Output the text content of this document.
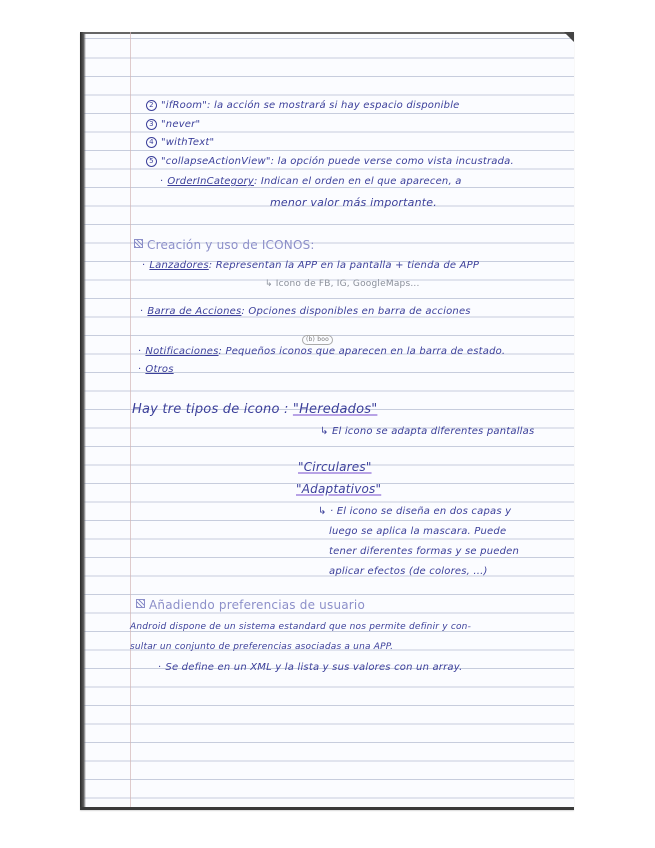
2 "ifRoom": la acción se mostrará si hay espacio disponible
3 "never"
4 "withText"
5 "collapseActionView": la opción puede verse como vista incustrada.
· OrderInCategory: Indican el orden en el que aparecen, a
menor valor más importante.
Creación y uso de ICONOS:
· Lanzadores: Representan la APP en la pantalla + tienda de APP
↳ Icono de FB, IG, GoogleMaps...
· Barra de Acciones: Opciones disponibles en barra de acciones
(b) boo
· Notificaciones: Pequeños iconos que aparecen en la barra de estado.
· Otros
Hay tre tipos de icono : "Heredados"
↳ El icono se adapta diferentes pantallas
"Circulares"
"Adaptativos"
↳ · El icono se diseña en dos capas y
luego se aplica la mascara. Puede
tener diferentes formas y se pueden
aplicar efectos (de colores, ...)
Añadiendo preferencias de usuario
Android dispone de un sistema estandard que nos permite definir y con-
sultar un conjunto de preferencias asociadas a una APP.
· Se define en un XML y la lista y sus valores con un array.
